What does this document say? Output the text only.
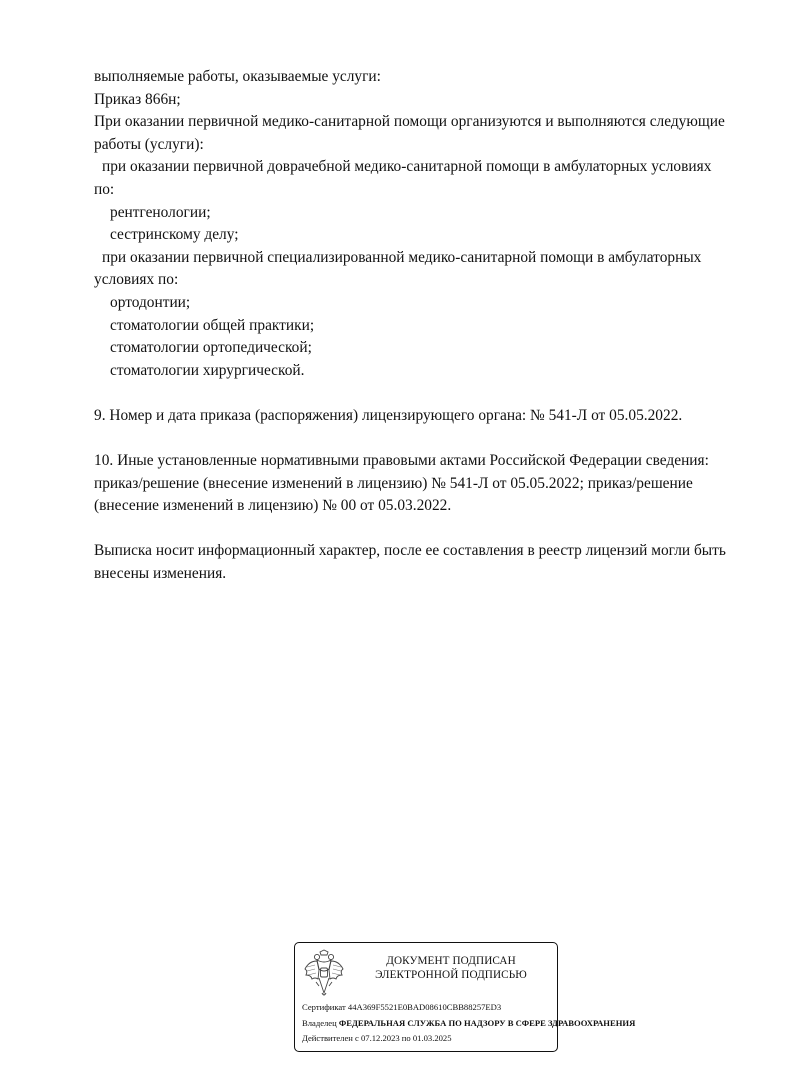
выполняемые работы, оказываемые услуги:
Приказ 866н;
При оказании первичной медико-санитарной помощи организуются и выполняются следующие
работы (услуги):
при оказании первичной доврачебной медико-санитарной помощи в амбулаторных условиях
по:
рентгенологии;
сестринскому делу;
при оказании первичной специализированной медико-санитарной помощи в амбулаторных
условиях по:
ортодонтии;
стоматологии общей практики;
стоматологии ортопедической;
стоматологии хирургической.
9. Номер и дата приказа (распоряжения) лицензирующего органа: № 541-Л от 05.05.2022.
10. Иные установленные нормативными правовыми актами Российской Федерации сведения:
приказ/решение (внесение изменений в лицензию) № 541-Л от 05.05.2022; приказ/решение
(внесение изменений в лицензию) № 00 от 05.03.2022.
Выписка носит информационный характер, после ее составления в реестр лицензий могли быть
внесены изменения.
ДОКУМЕНТ ПОДПИСАН
ЭЛЕКТРОННОЙ ПОДПИСЬЮ
Сертификат 44A369F5521E0BAD08610CBB88257ED3
Владелец ФЕДЕРАЛЬНАЯ СЛУЖБА ПО НАДЗОРУ В СФЕРЕ ЗДРАВООХРАНЕНИЯ
Действителен с 07.12.2023 по 01.03.2025
